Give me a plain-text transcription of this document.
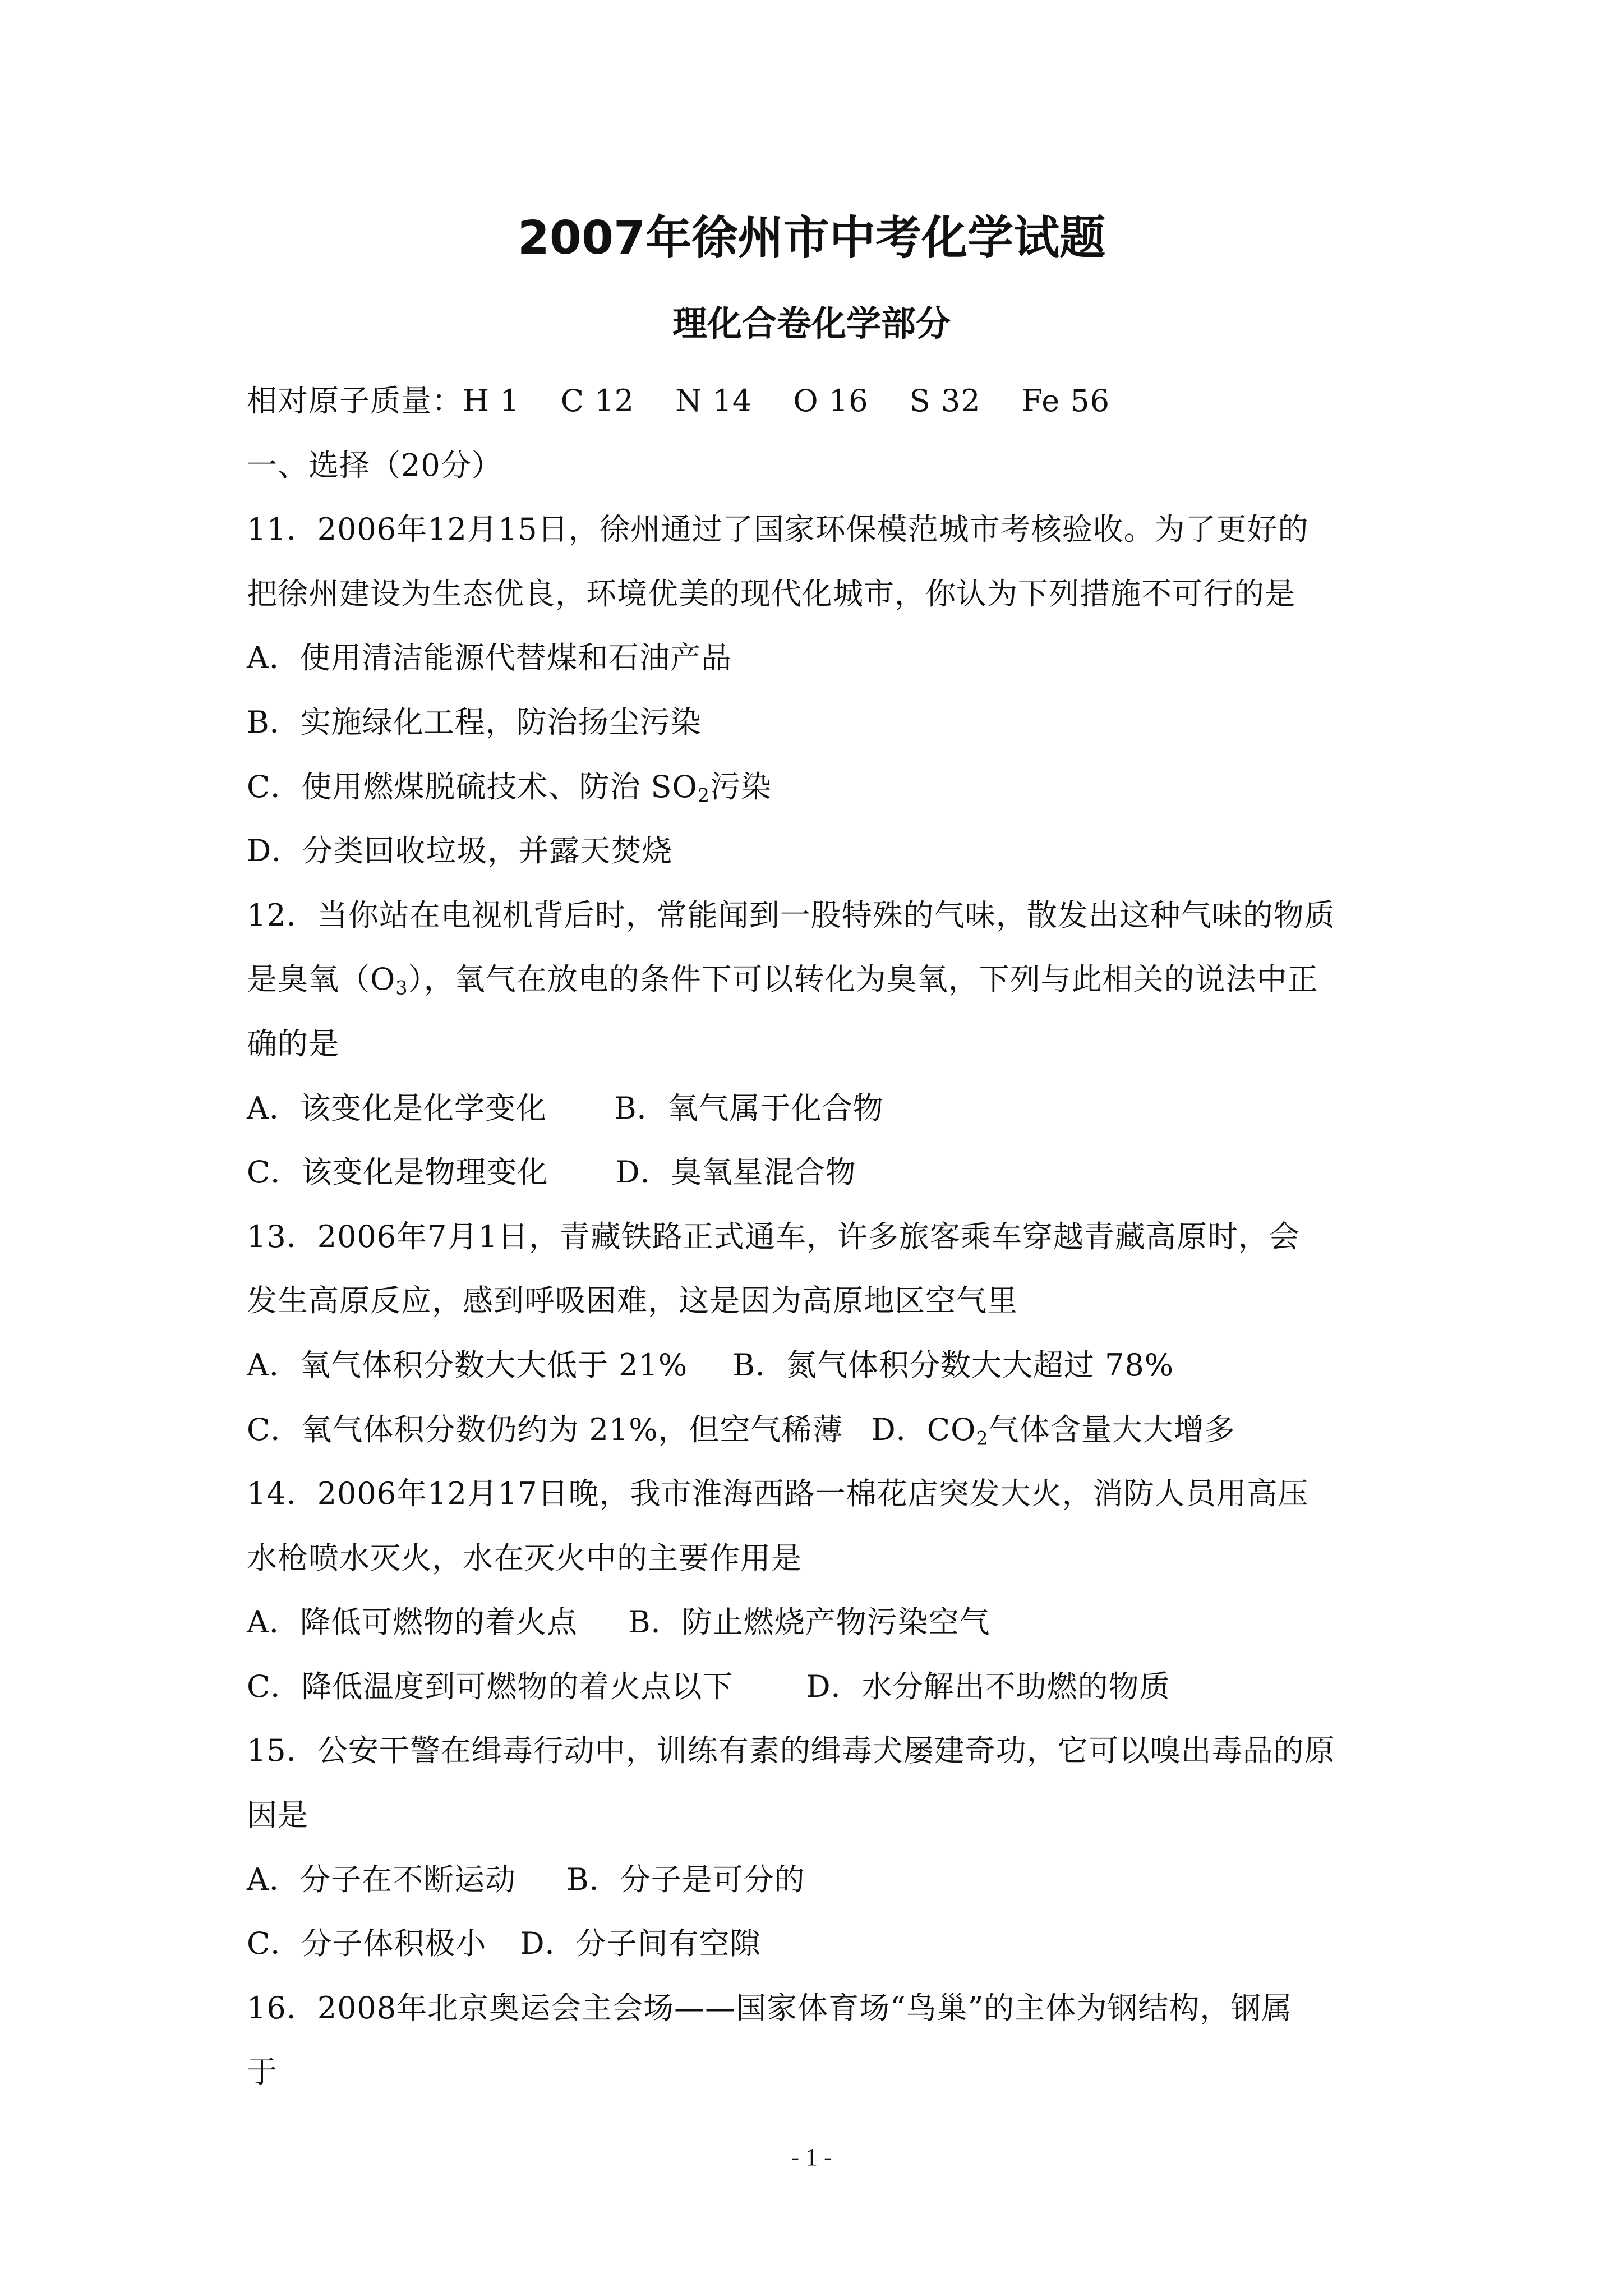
2007年徐州市中考化学试题
理化合卷化学部分
相对原子质量：H 1　 C 12　 N 14　 O 16　 S 32　 Fe 56
一、选择（20分）
11．2006年12月15日，徐州通过了国家环保模范城市考核验收。为了更好的
把徐州建设为生态优良，环境优美的现代化城市，你认为下列措施不可行的是
A．使用清洁能源代替煤和石油产品
B．实施绿化工程，防治扬尘污染
C．使用燃煤脱硫技术、防治 $SO_2$污染
D．分类回收垃圾，并露天焚烧
12．当你站在电视机背后时，常能闻到一股特殊的气味，散发出这种气味的物质
是臭氧$(O_3)$，氧气在放电的条件下可以转化为臭氧，下列与此相关的说法中正
确的是
A．该变化是化学变化 B．氧气属于化合物
C．该变化是物理变化 D．臭氧星混合物
13．2006年7月1日，青藏铁路正式通车，许多旅客乘车穿越青藏高原时，会
发生高原反应，感到呼吸困难，这是因为高原地区空气里
A．氧气体积分数大大低于 21% B．氮气体积分数大大超过 78%
C．氧气体积分数仍约为 21%，但空气稀薄 D．$CO_2$气体含量大大增多
14．2006年12月17日晚，我市淮海西路一棉花店突发大火，消防人员用高压
水枪喷水灭火，水在灭火中的主要作用是
A．降低可燃物的着火点 B．防止燃烧产物污染空气
C．降低温度到可燃物的着火点以下 D．水分解出不助燃的物质
15．公安干警在缉毒行动中，训练有素的缉毒犬屡建奇功，它可以嗅出毒品的原
因是
A．分子在不断运动 B．分子是可分的
C．分子体积极小 D．分子间有空隙
16．2008年北京奥运会主会场——国家体育场“鸟巢”的主体为钢结构，钢属
于
- 1 -
